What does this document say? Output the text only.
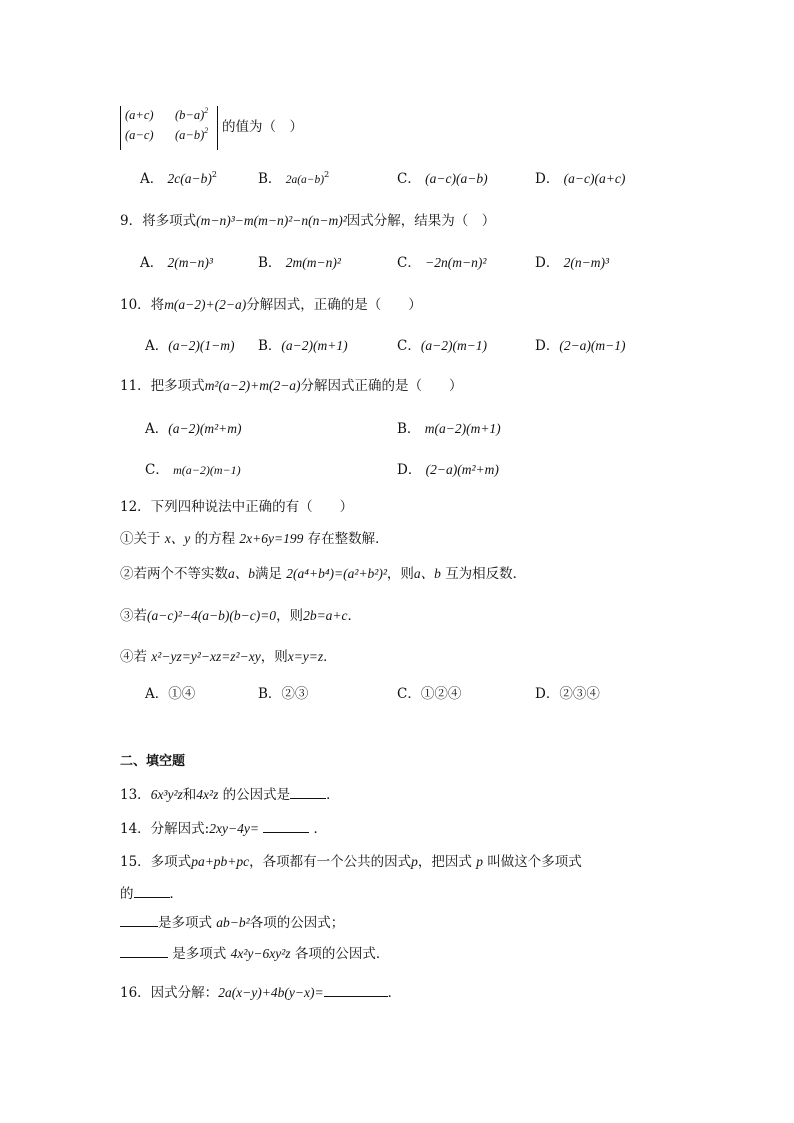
(a+c) $(b-a)^2$
(a−c) $(a-b)^2$ 的值为（　）
A． $2c(a-b)^2$	B． $2a(a-b)^2$	C． (a−c)(a−b)	D． (a−c)(a+c)
9．将多项式(m−n)³−m(m−n)²−n(n−m)²因式分解，结果为（　）
A． 2(m−n)³	B． 2m(m−n)²	C． −2n(m−n)²	D． 2(n−m)³
10．将m(a−2)+(2−a)分解因式，正确的是（　　）
A．(a−2)(1−m) B．(a−2)(m+1)	C．(a−2)(m−1)	D．(2−a)(m−1)
11．把多项式m²(a−2)+m(2−a)分解因式正确的是（　　）
A．(a−2)(m²+m)	B． m(a−2)(m+1)
C． m(a−2)(m−1)	D． (2−a)(m²+m)
12．下列四种说法中正确的有（　　）
①关于 x、y 的方程 2x+6y=199 存在整数解．
②若两个不等实数a、b满足 2(a⁴+b⁴)=(a²+b²)²，则a、b 互为相反数．
③若(a−c)²−4(a−b)(b−c)=0，则2b=a+c．
④若 x²−yz=y²−xz=z²−xy，则x=y=z．
A．①④	B．②③	C．①②④	D．②③④
二、填空题
13．6x³y²z和4x²z 的公因式是	．
14．分解因式:2xy−4y=	．
15．多项式pa+pb+pc，各项都有一个公共的因式p，把因式 p 叫做这个多项式
的	．
是多项式 ab−b²各项的公因式；
是多项式 4x²y−6xy²z 各项的公因式．
16．因式分解：2a(x−y)+4b(y−x)=	．
